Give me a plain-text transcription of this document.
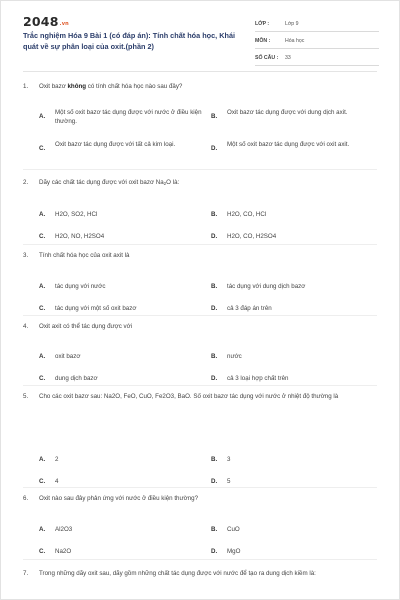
$2048^{.vn}$
Trắc nghiệm Hóa 9 Bài 1 (có đáp án): Tính chất hóa học, Khái quát về sự phân loại của oxit.(phần 2)
LỚP :	Lớp 9
MÔN :	Hóa học
SỐ CÂU : 33
1. Oxit bazơ không có tính chất hóa học nào sau đây?
A.
Một số oxit bazơ tác dụng được với nước ở điều kiện thường.
B.
Oxit bazơ tác dụng được với dung dịch axit.
C.
Oxit bazơ tác dụng được với tất cả kim loại.
D.
Một số oxit bazơ tác dụng được với oxit axit.
2. Dãy các chất tác dụng được với oxit bazơ $Na_2O$ là:
A.	H2O, SO2, HCl	B.	H2O, CO, HCl
C.	H2O, NO, H2SO4	D.	H2O, CO, H2SO4
3. Tính chất hóa học của oxit axit là
A.	tác dụng với nước	B.	tác dụng với dung dịch bazơ
C.	tác dụng với một số oxit bazơ	D.	cả 3 đáp án trên
4. Oxit axit có thể tác dụng được với
A.	oxit bazơ	B.	nước
C.	dung dịch bazơ	D.	cả 3 loại hợp chất trên
5. Cho các oxit bazơ sau: Na2O, FeO, CuO, Fe2O3, BaO. Số oxit bazơ tác dụng với nước ở nhiệt độ thường là
A.	2	B.	3
C.	4	D.	5
6. Oxit nào sau đây phản ứng với nước ở điều kiện thường?
A.	Al2O3	B.	CuO
C.	Na2O	D.	MgO
7. Trong những dãy oxit sau, dãy gồm những chất tác dụng được với nước để tạo ra dung dịch kiềm là:
